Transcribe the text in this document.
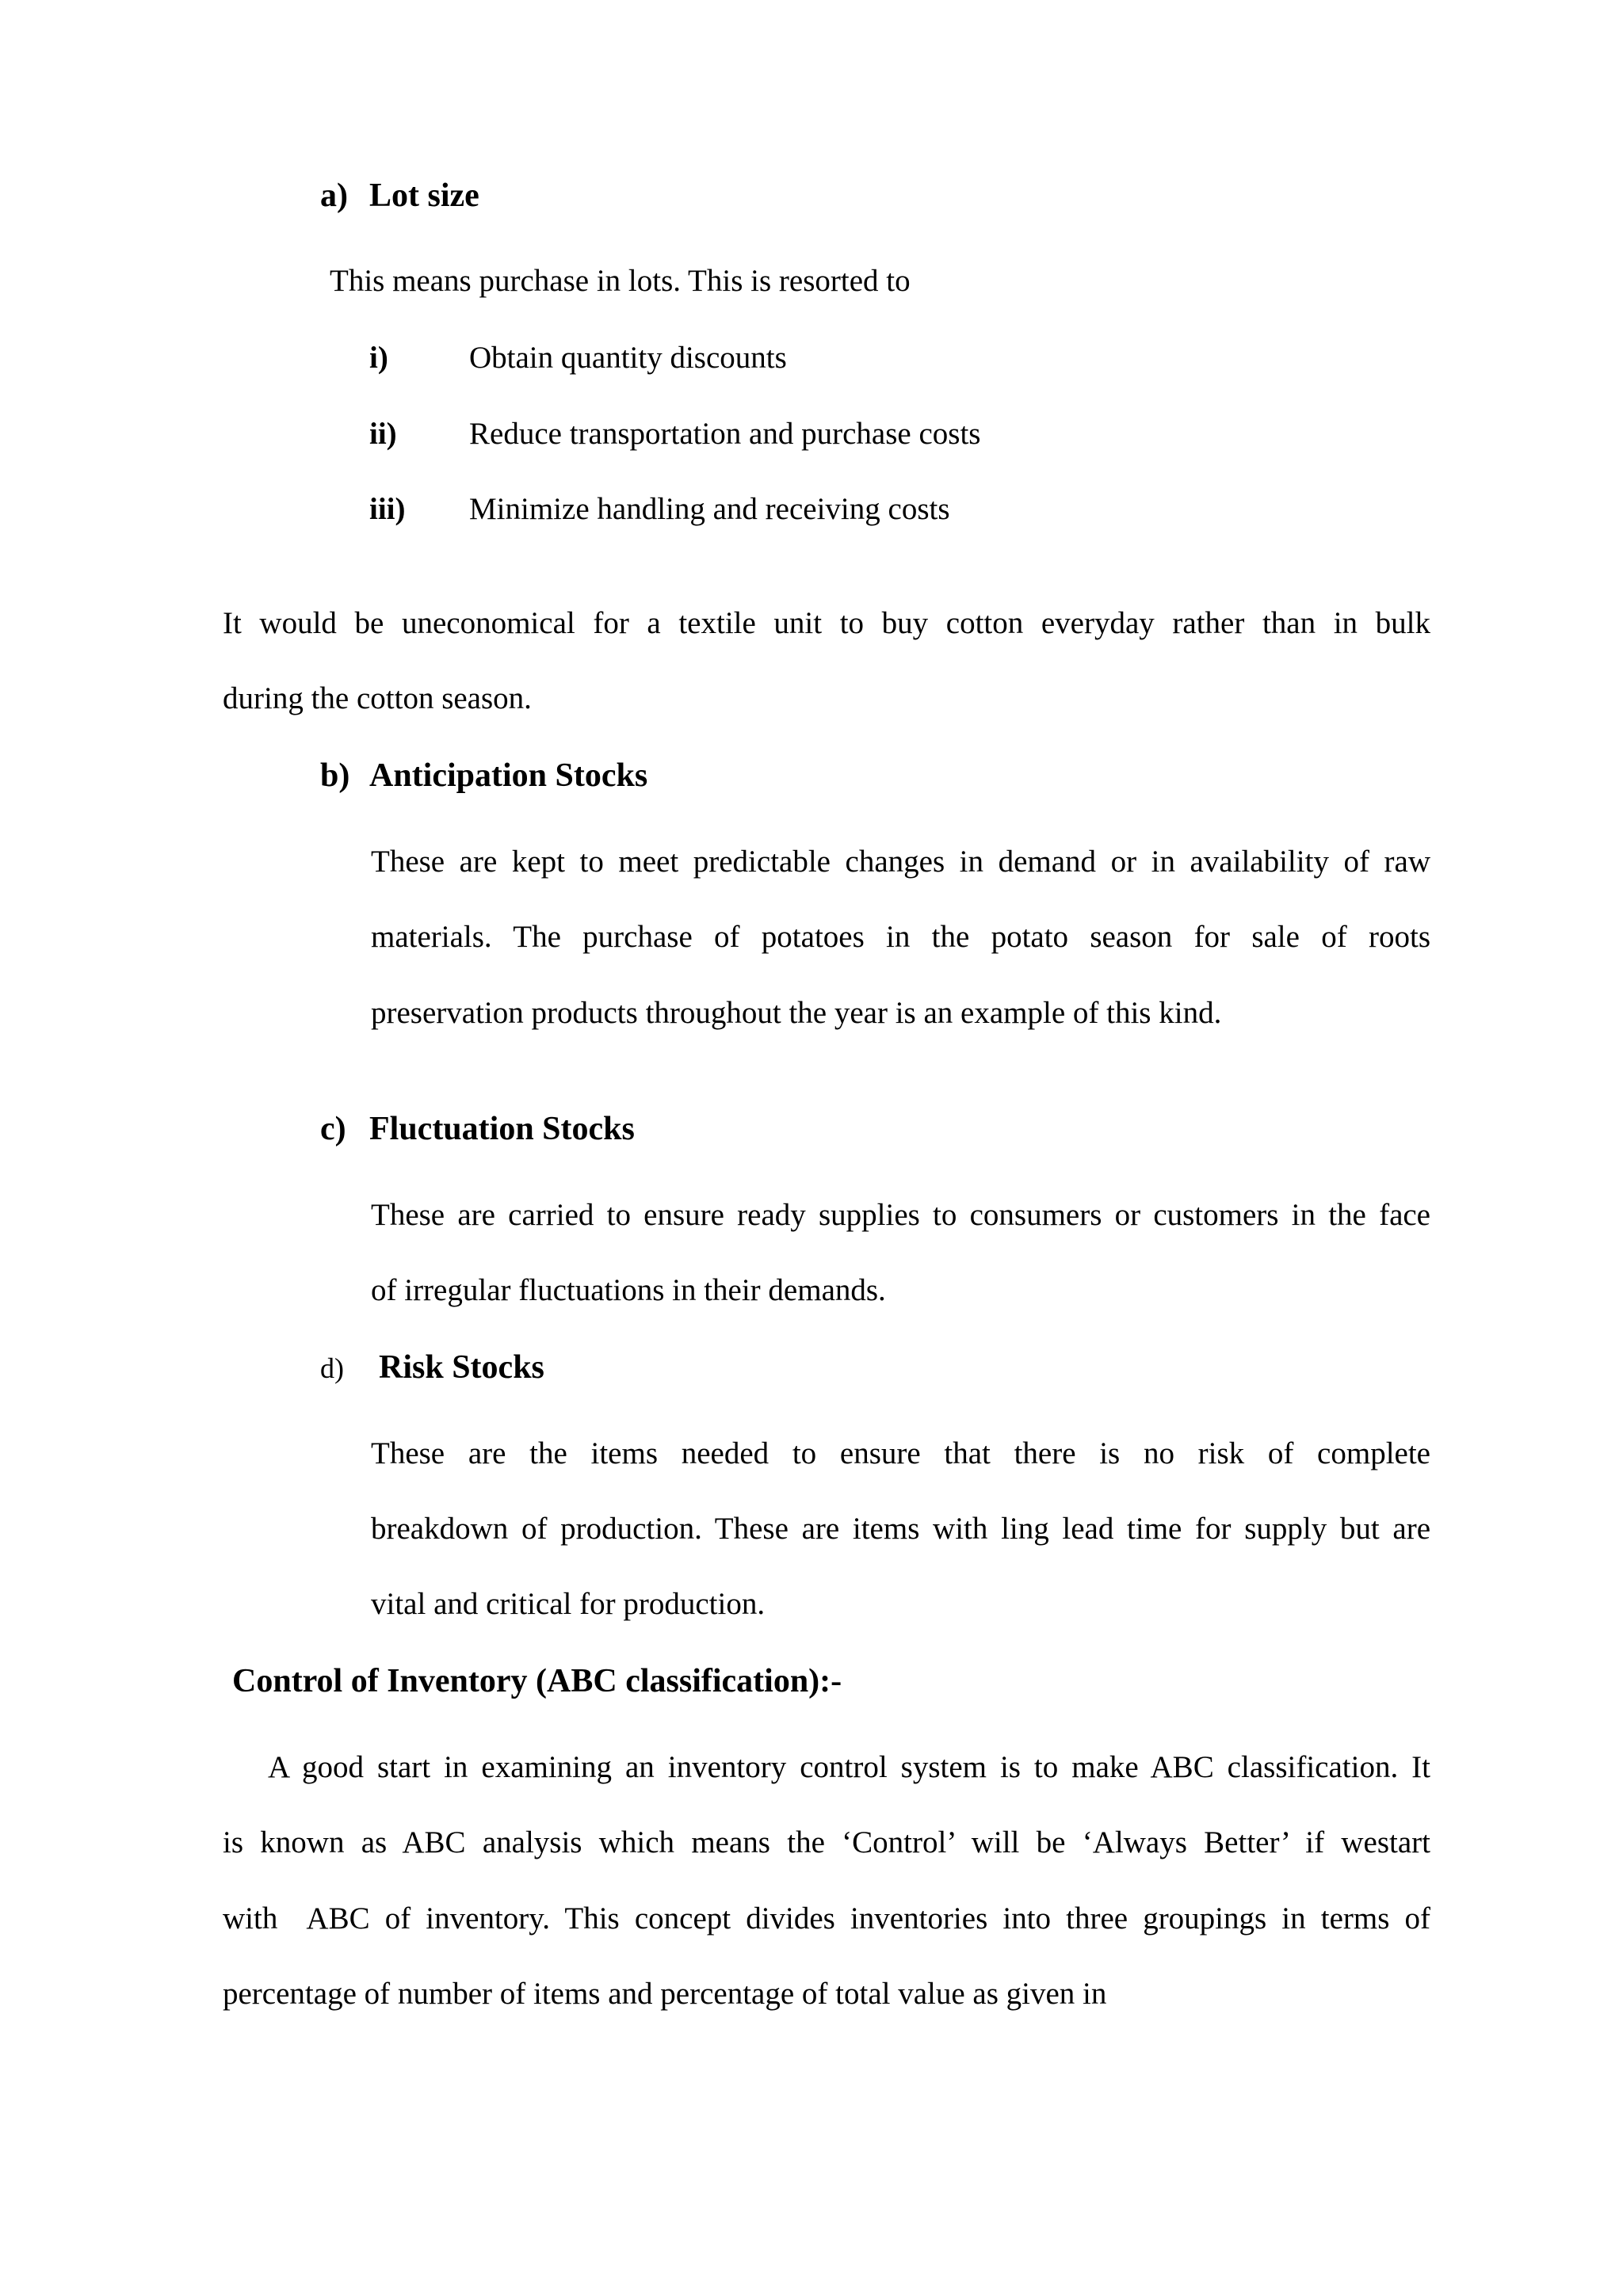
a) Lot size
This means purchase in lots. This is resorted to
i)	Obtain quantity discounts
ii) Reduce transportation and purchase costs
iii) Minimize handling and receiving costs
It would be uneconomical for a textile unit to buy cotton everyday rather than in bulk
during the cotton season.
b) Anticipation Stocks
These are kept to meet predictable changes in demand or in availability of raw
materials. The purchase of potatoes in the potato season for sale of roots
preservation products throughout the year is an example of this kind.
c) Fluctuation Stocks
These are carried to ensure ready supplies to consumers or customers in the face
of irregular fluctuations in their demands.
d) Risk Stocks
These are the items needed to ensure that there is no risk of complete
breakdown of production. These are items with ling lead time for supply but are
vital and critical for production.
Control of Inventory (ABC classification):-
A good start in examining an inventory control system is to make ABC classification. It
is known as ABC analysis which means the ‘Control’ will be ‘Always Better’ if westart
with  ABC of inventory. This concept divides inventories into three groupings in terms of
percentage of number of items and percentage of total value as given in
